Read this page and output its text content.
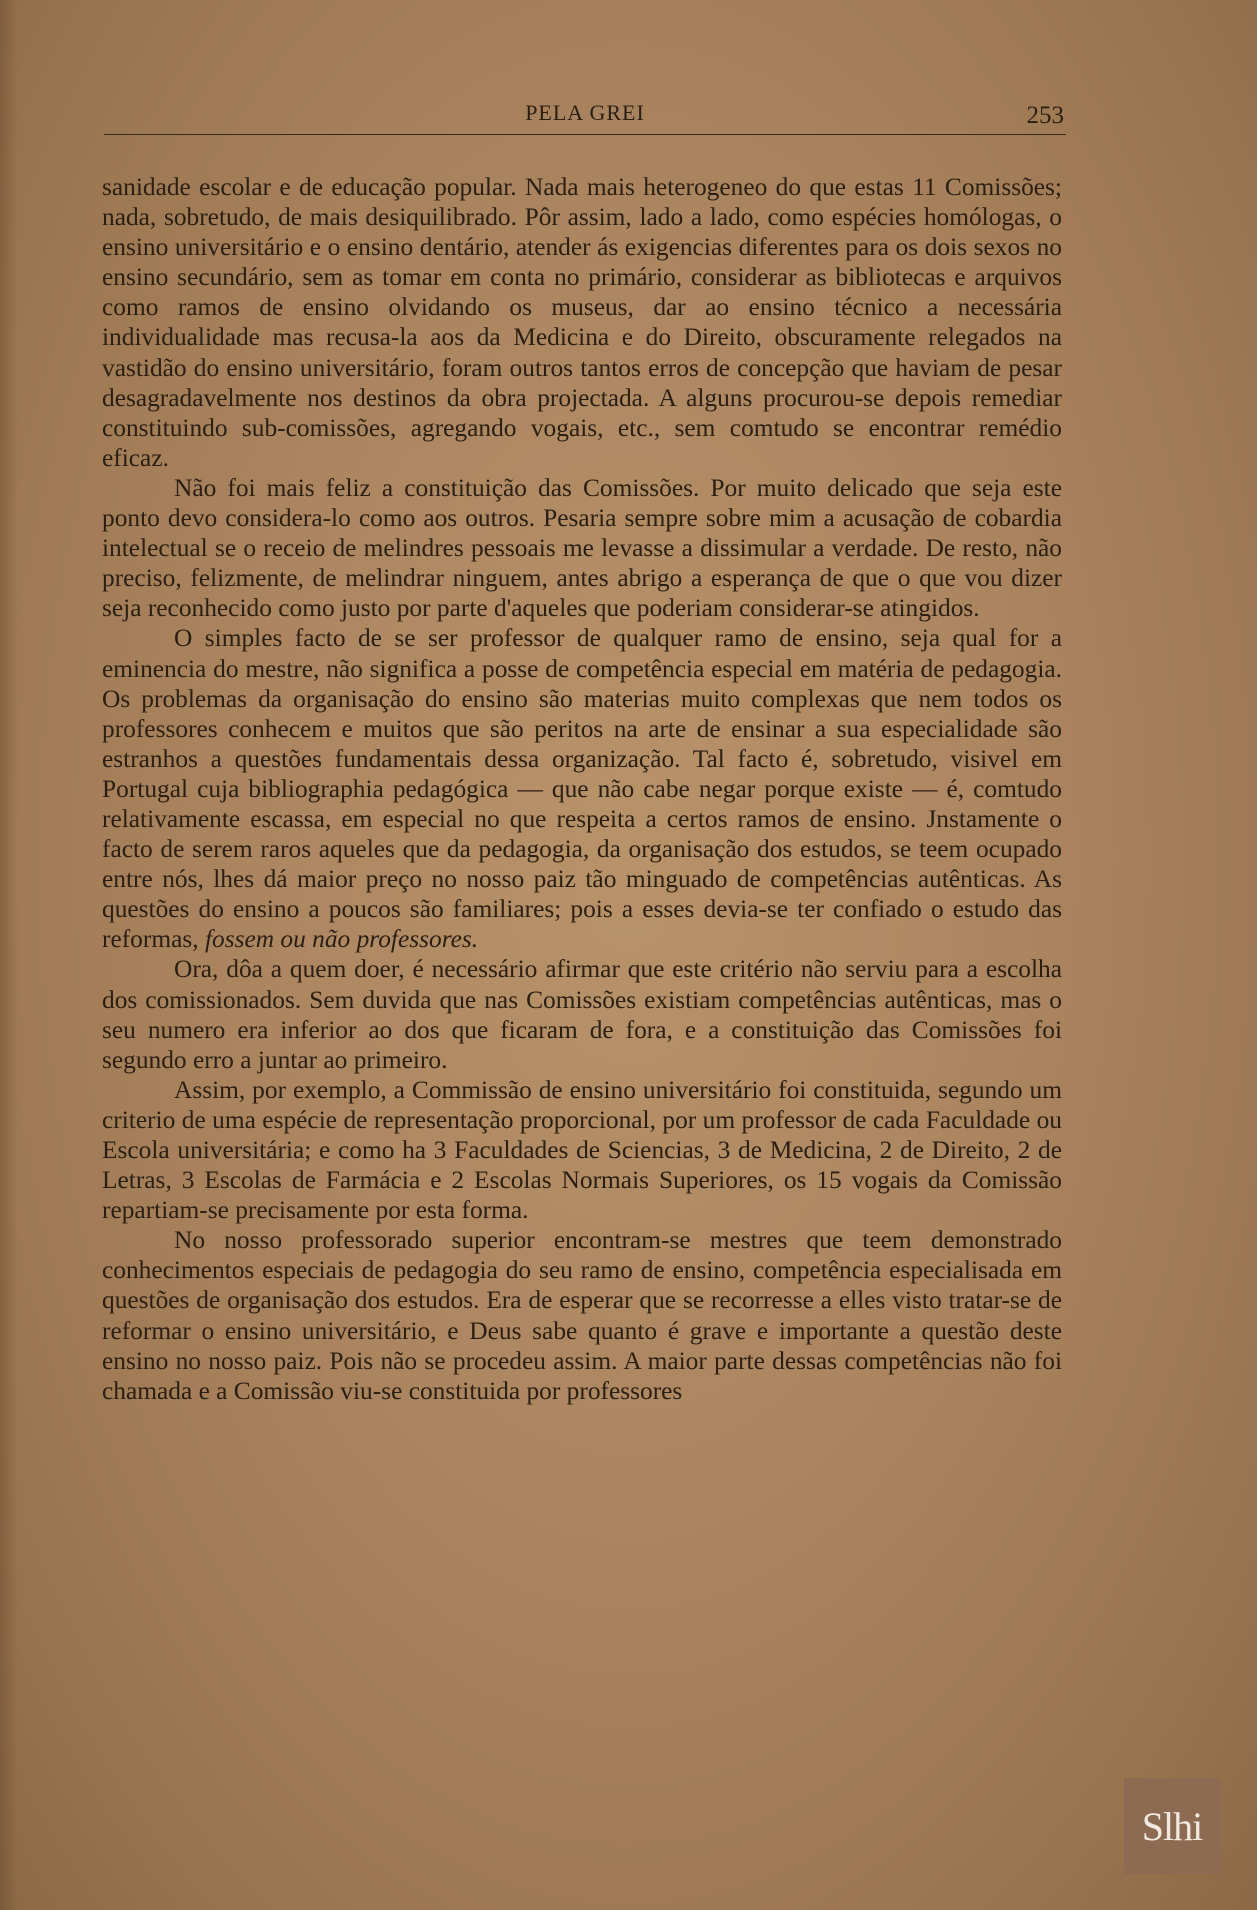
PELA GREI	253

sanidade escolar e de educação popular. Nada mais heterogeneo do que estas 11 Comissões; nada, sobretudo, de mais desiquilibrado. Pôr assim, lado a lado, como espécies homólogas, o ensino universitário e o ensino dentário, atender ás exigencias diferentes para os dois sexos no ensino secundário, sem as tomar em conta no primário, considerar as bibliotecas e arquivos como ramos de ensino olvidando os museus, dar ao ensino técnico a necessária individualidade mas recusa-la aos da Medicina e do Direito, obscuramente relegados na vastidão do ensino universitário, foram outros tantos erros de concepção que haviam de pesar desagradavelmente nos destinos da obra projectada. A alguns procurou-se depois remediar constituindo sub-comissões, agregando vogais, etc., sem comtudo se encontrar remédio eficaz.

Não foi mais feliz a constituição das Comissões. Por muito delicado que seja este ponto devo considera-lo como aos outros. Pesaria sempre sobre mim a acusação de cobardia intelectual se o receio de melindres pessoais me levasse a dissimular a verdade. De resto, não preciso, felizmente, de melindrar ninguem, antes abrigo a esperança de que o que vou dizer seja reconhecido como justo por parte d'aqueles que poderiam considerar-se atingidos.

O simples facto de se ser professor de qualquer ramo de ensino, seja qual for a eminencia do mestre, não significa a posse de competência especial em matéria de pedagogia. Os problemas da organisação do ensino são materias muito complexas que nem todos os professores conhecem e muitos que são peritos na arte de ensinar a sua especialidade são estranhos a questões fundamentais dessa organização. Tal facto é, sobretudo, visivel em Portugal cuja bibliographia pedagógica — que não cabe negar porque existe — é, comtudo relativamente escassa, em especial no que respeita a certos ramos de ensino. Jnstamente o facto de serem raros aqueles que da pedagogia, da organisação dos estudos, se teem ocupado entre nós, lhes dá maior preço no nosso paiz tão minguado de competências autênticas. As questões do ensino a poucos são familiares; pois a esses devia-se ter confiado o estudo das reformas, fossem ou não professores.

Ora, dôa a quem doer, é necessário afirmar que este critério não serviu para a escolha dos comissionados. Sem duvida que nas Comissões existiam competências autênticas, mas o seu numero era inferior ao dos que ficaram de fora, e a constituição das Comissões foi segundo erro a juntar ao primeiro.

Assim, por exemplo, a Commissão de ensino universitário foi constituida, segundo um criterio de uma espécie de representação proporcional, por um professor de cada Faculdade ou Escola universitária; e como ha 3 Faculdades de Sciencias, 3 de Medicina, 2 de Direito, 2 de Letras, 3 Escolas de Farmácia e 2 Escolas Normais Superiores, os 15 vogais da Comissão repartiam-se precisamente por esta forma.

No nosso professorado superior encontram-se mestres que teem demonstrado conhecimentos especiais de pedagogia do seu ramo de ensino, competência especialisada em questões de organisação dos estudos. Era de esperar que se recorresse a elles visto tratar-se de reformar o ensino universitário, e Deus sabe quanto é grave e importante a questão deste ensino no nosso paiz. Pois não se procedeu assim. A maior parte dessas competências não foi chamada e a Comissão viu-se constituida por professores

Slhi
